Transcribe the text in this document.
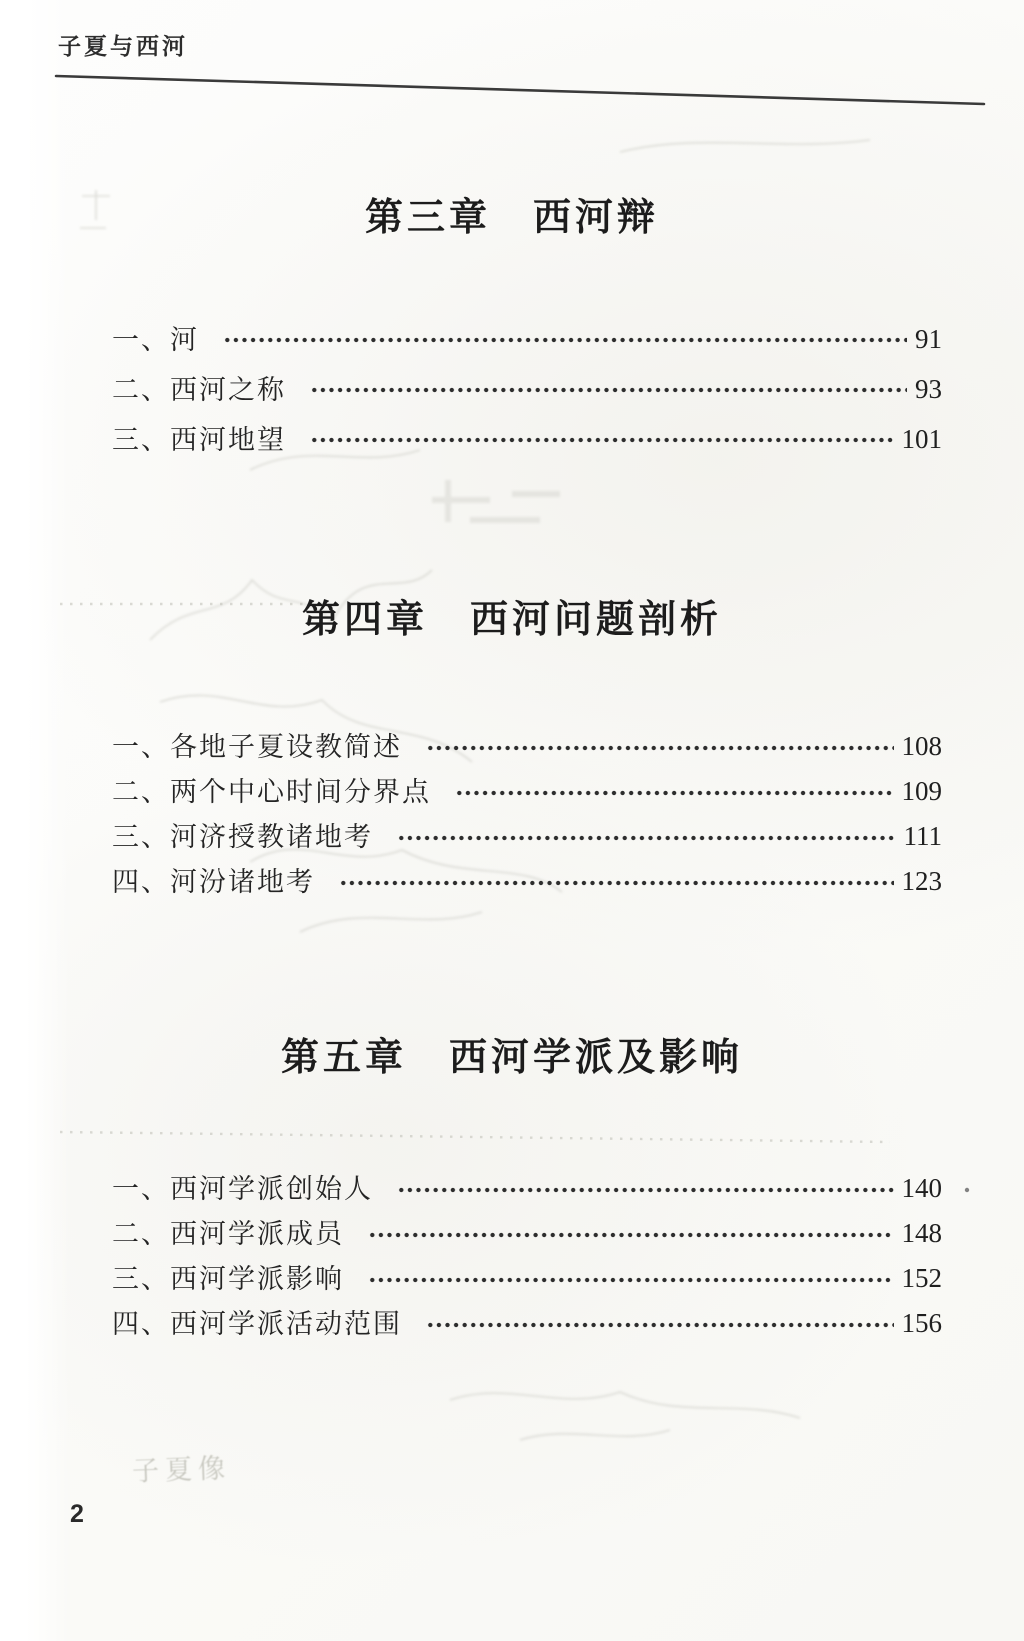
子夏像
子夏与西河
第三章　西河辩
一、河	91
二、西河之称	93
三、西河地望	101
第四章　西河问题剖析
一、各地子夏设教简述	108
二、两个中心时间分界点	109
三、河济授教诸地考	111
四、河汾诸地考	123
第五章　西河学派及影响
一、西河学派创始人	140
二、西河学派成员	148
三、西河学派影响	152
四、西河学派活动范围	156
2
